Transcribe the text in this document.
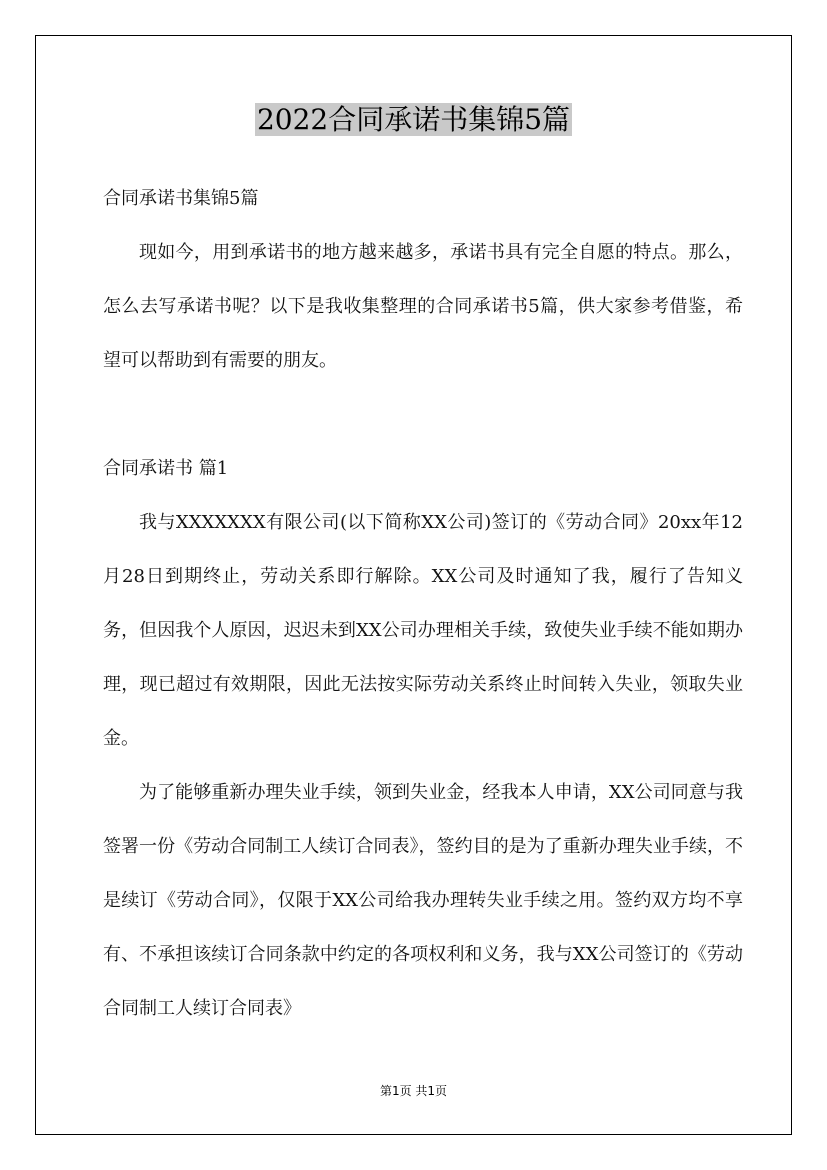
2022合同承诺书集锦5篇

合同承诺书集锦5篇

现如今，用到承诺书的地方越来越多，承诺书具有完全自愿的特点。那么，怎么去写承诺书呢？以下是我收集整理的合同承诺书5篇，供大家参考借鉴，希望可以帮助到有需要的朋友。

合同承诺书 篇1

我与XXXXXXX有限公司(以下简称XX公司)签订的《劳动合同》20xx年12月28日到期终止，劳动关系即行解除。XX公司及时通知了我，履行了告知义务，但因我个人原因，迟迟未到XX公司办理相关手续，致使失业手续不能如期办理，现已超过有效期限，因此无法按实际劳动关系终止时间转入失业，领取失业金。

为了能够重新办理失业手续，领到失业金，经我本人申请，XX公司同意与我签署一份《劳动合同制工人续订合同表》，签约目的是为了重新办理失业手续，不是续订《劳动合同》，仅限于XX公司给我办理转失业手续之用。签约双方均不享有、不承担该续订合同条款中约定的各项权利和义务，我与XX公司签订的《劳动合同制工人续订合同表》

第1页 共1页
